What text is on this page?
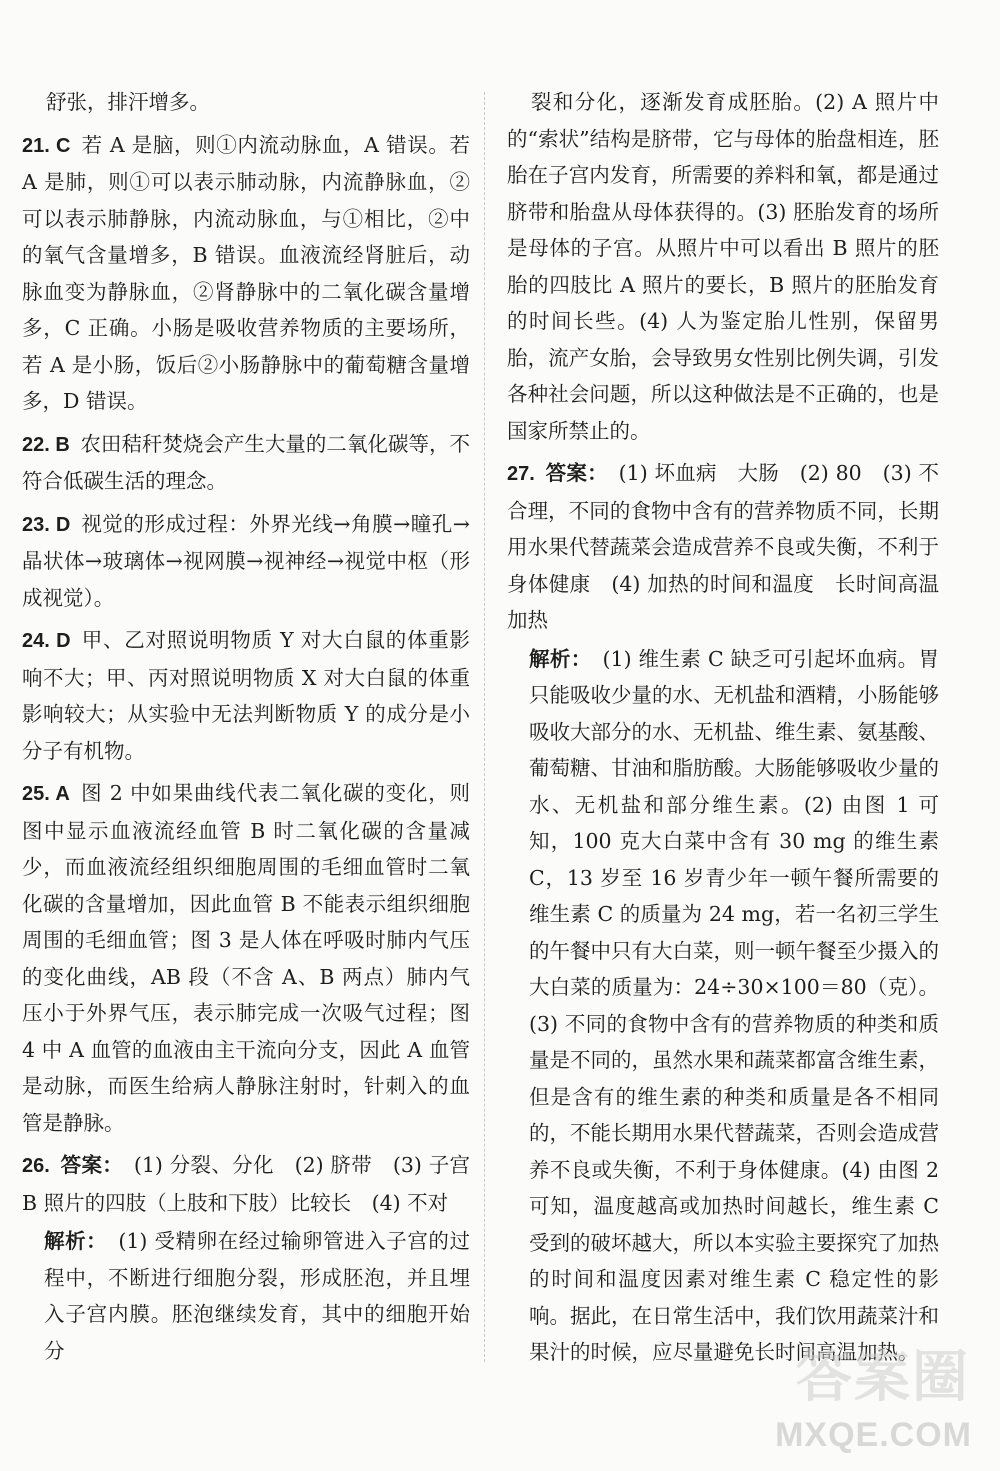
舒张，排汗增多。
21. C 若 A 是脑，则①内流动脉血，A 错误。若 A 是肺，则①可以表示肺动脉，内流静脉血，②可以表示肺静脉，内流动脉血，与①相比，②中的氧气含量增多，B 错误。血液流经肾脏后，动脉血变为静脉血，②肾静脉中的二氧化碳含量增多，C 正确。小肠是吸收营养物质的主要场所，若 A 是小肠，饭后②小肠静脉中的葡萄糖含量增多，D 错误。
22. B 农田秸秆焚烧会产生大量的二氧化碳等，不符合低碳生活的理念。
23. D 视觉的形成过程：外界光线→角膜→瞳孔→晶状体→玻璃体→视网膜→视神经→视觉中枢（形成视觉）。
24. D 甲、乙对照说明物质 Y 对大白鼠的体重影响不大；甲、丙对照说明物质 X 对大白鼠的体重影响较大；从实验中无法判断物质 Y 的成分是小分子有机物。
25. A 图 2 中如果曲线代表二氧化碳的变化，则图中显示血液流经血管 B 时二氧化碳的含量减少，而血液流经组织细胞周围的毛细血管时二氧化碳的含量增加，因此血管 B 不能表示组织细胞周围的毛细血管；图 3 是人体在呼吸时肺内气压的变化曲线，AB 段（不含 A、B 两点）肺内气压小于外界气压，表示肺完成一次吸气过程；图 4 中 A 血管的血液由主干流向分支，因此 A 血管是动脉，而医生给病人静脉注射时，针刺入的血管是静脉。
26. 答案： (1) 分裂、分化　(2) 脐带　(3) 子宫　B 照片的四肢（上肢和下肢）比较长　(4) 不对
解析： (1) 受精卵在经过输卵管进入子宫的过程中，不断进行细胞分裂，形成胚泡，并且埋入子宫内膜。胚泡继续发育，其中的细胞开始分
裂和分化，逐渐发育成胚胎。(2) A 照片中的“索状”结构是脐带，它与母体的胎盘相连，胚胎在子宫内发育，所需要的养料和氧，都是通过脐带和胎盘从母体获得的。(3) 胚胎发育的场所是母体的子宫。从照片中可以看出 B 照片的胚胎的四肢比 A 照片的要长，B 照片的胚胎发育的时间长些。(4) 人为鉴定胎儿性别，保留男胎，流产女胎，会导致男女性别比例失调，引发各种社会问题，所以这种做法是不正确的，也是国家所禁止的。
27. 答案： (1) 坏血病　大肠　(2) 80　(3) 不合理，不同的食物中含有的营养物质不同，长期用水果代替蔬菜会造成营养不良或失衡，不利于身体健康　(4) 加热的时间和温度　长时间高温加热
解析： (1) 维生素 C 缺乏可引起坏血病。胃只能吸收少量的水、无机盐和酒精，小肠能够吸收大部分的水、无机盐、维生素、氨基酸、葡萄糖、甘油和脂肪酸。大肠能够吸收少量的水、无机盐和部分维生素。(2) 由图 1 可知，100 克大白菜中含有 30 mg 的维生素 C，13 岁至 16 岁青少年一顿午餐所需要的维生素 C 的质量为 24 mg，若一名初三学生的午餐中只有大白菜，则一顿午餐至少摄入的大白菜的质量为：24÷30×100＝80（克）。(3) 不同的食物中含有的营养物质的种类和质量是不同的，虽然水果和蔬菜都富含维生素，但是含有的维生素的种类和质量是各不相同的，不能长期用水果代替蔬菜，否则会造成营养不良或失衡，不利于身体健康。(4) 由图 2 可知，温度越高或加热时间越长，维生素 C 受到的破坏越大，所以本实验主要探究了加热的时间和温度因素对维生素 C 稳定性的影响。据此，在日常生活中，我们饮用蔬菜汁和果汁的时候，应尽量避免长时间高温加热。
答案圈
MXQE.COM
